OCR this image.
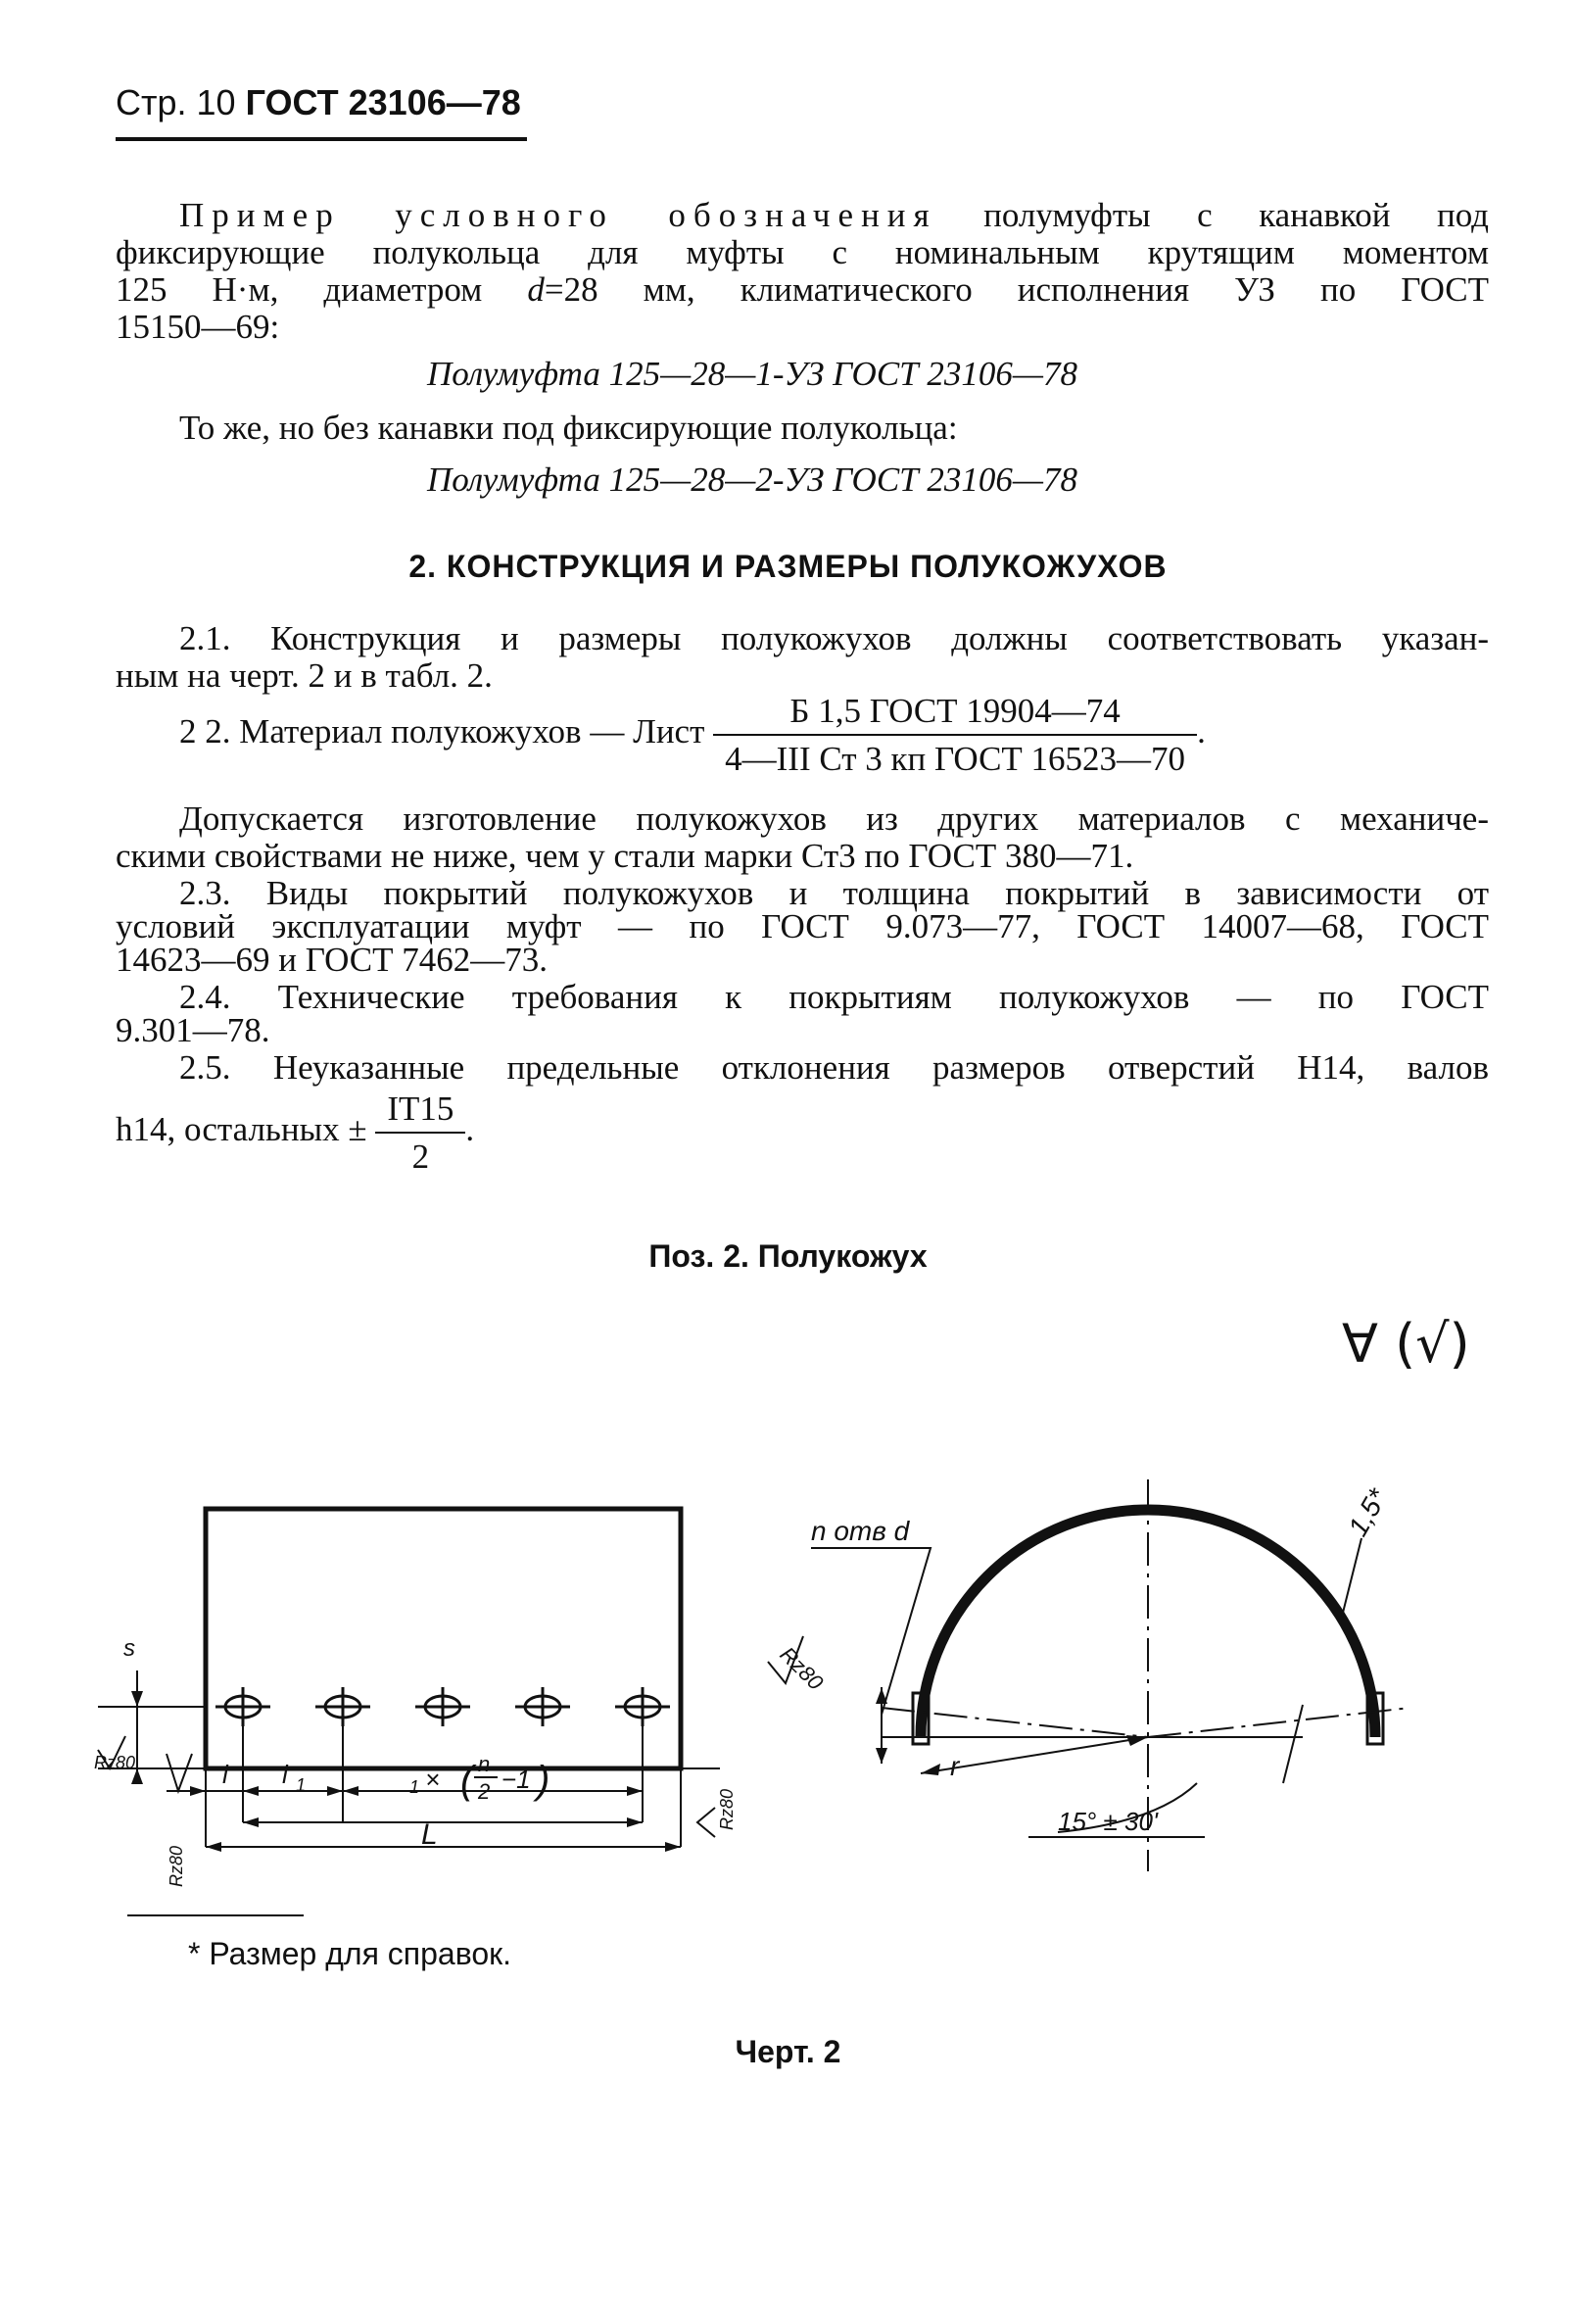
Стр. 10 ГОСТ 23106—78
Пример условного обозначения полумуфты с канавкой под
фиксирующие полукольца для муфты с номинальным крутящим моментом
125 Н·м, диаметром d=28 мм, климатического исполнения УЗ по ГОСТ
15150—69:
Полумуфта 125—28—1-УЗ ГОСТ 23106—78
То же, но без канавки под фиксирующие полукольца:
Полумуфта 125—28—2-УЗ ГОСТ 23106—78
2. КОНСТРУКЦИЯ И РАЗМЕРЫ ПОЛУКОЖУХОВ
2.1. Конструкция и размеры полукожухов должны соответствовать указан-
ным на черт. 2 и в табл. 2.
2 2. Материал полукожухов — Лист $\frac{\text{Б 1,5 ГОСТ 19904—74}}{\text{4—III Ст 3 кп ГОСТ 16523—70}}$ .
Допускается изготовление полукожухов из других материалов с механиче-
скими свойствами не ниже, чем у стали марки Ст3 по ГОСТ 380—71.
2.3. Виды покрытий полукожухов и толщина покрытий в зависимости от
условий эксплуатации муфт — по ГОСТ 9.073—77, ГОСТ 14007—68, ГОСТ
14623—69 и ГОСТ 7462—73.
2.4. Технические требования к покрытиям полукожухов — по ГОСТ
9.301—78.
2.5. Неуказанные предельные отклонения размеров отверстий Н14, валов
h14, остальных ± $\frac{IT15}{2}$ .
Поз. 2. Полукожух
∀ (√)
s
Rz80	l l 1	1 × ( n
2 −1 )
L
Rz80
Rz80
n отв d
Rz80
1,5*
r
15° ± 30'
* Размер для справок.
Черт. 2
